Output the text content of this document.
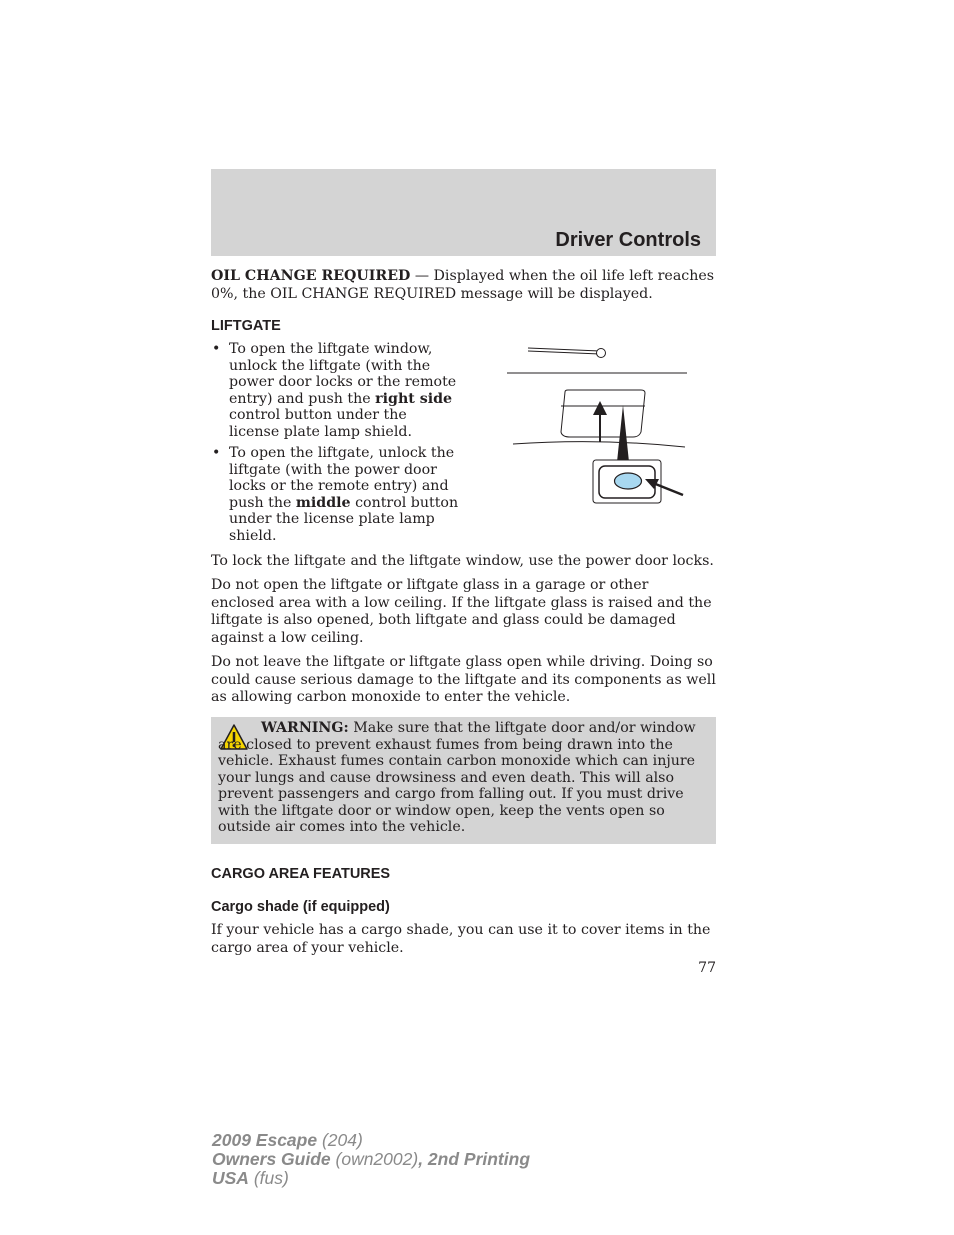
Driver Controls

OIL CHANGE REQUIRED — Displayed when the oil life left reaches 0%, the OIL CHANGE REQUIRED message will be displayed.

LIFTGATE
• To open the liftgate window, unlock the liftgate (with the power door locks or the remote entry) and push the right side control button under the license plate lamp shield.
• To open the liftgate, unlock the liftgate (with the power door locks or the remote entry) and push the middle control button under the license plate lamp shield.

To lock the liftgate and the liftgate window, use the power door locks.

Do not open the liftgate or liftgate glass in a garage or other enclosed area with a low ceiling. If the liftgate glass is raised and the liftgate is also opened, both liftgate and glass could be damaged against a low ceiling.

Do not leave the liftgate or liftgate glass open while driving. Doing so could cause serious damage to the liftgate and its components as well as allowing carbon monoxide to enter the vehicle.

WARNING: Make sure that the liftgate door and/or window are closed to prevent exhaust fumes from being drawn into the vehicle. Exhaust fumes contain carbon monoxide which can injure your lungs and cause drowsiness and even death. This will also prevent passengers and cargo from falling out. If you must drive with the liftgate door or window open, keep the vents open so outside air comes into the vehicle.

CARGO AREA FEATURES
Cargo shade (if equipped)

If your vehicle has a cargo shade, you can use it to cover items in the cargo area of your vehicle.

77
2009 Escape (204)
Owners Guide (own2002), 2nd Printing
USA (fus)
